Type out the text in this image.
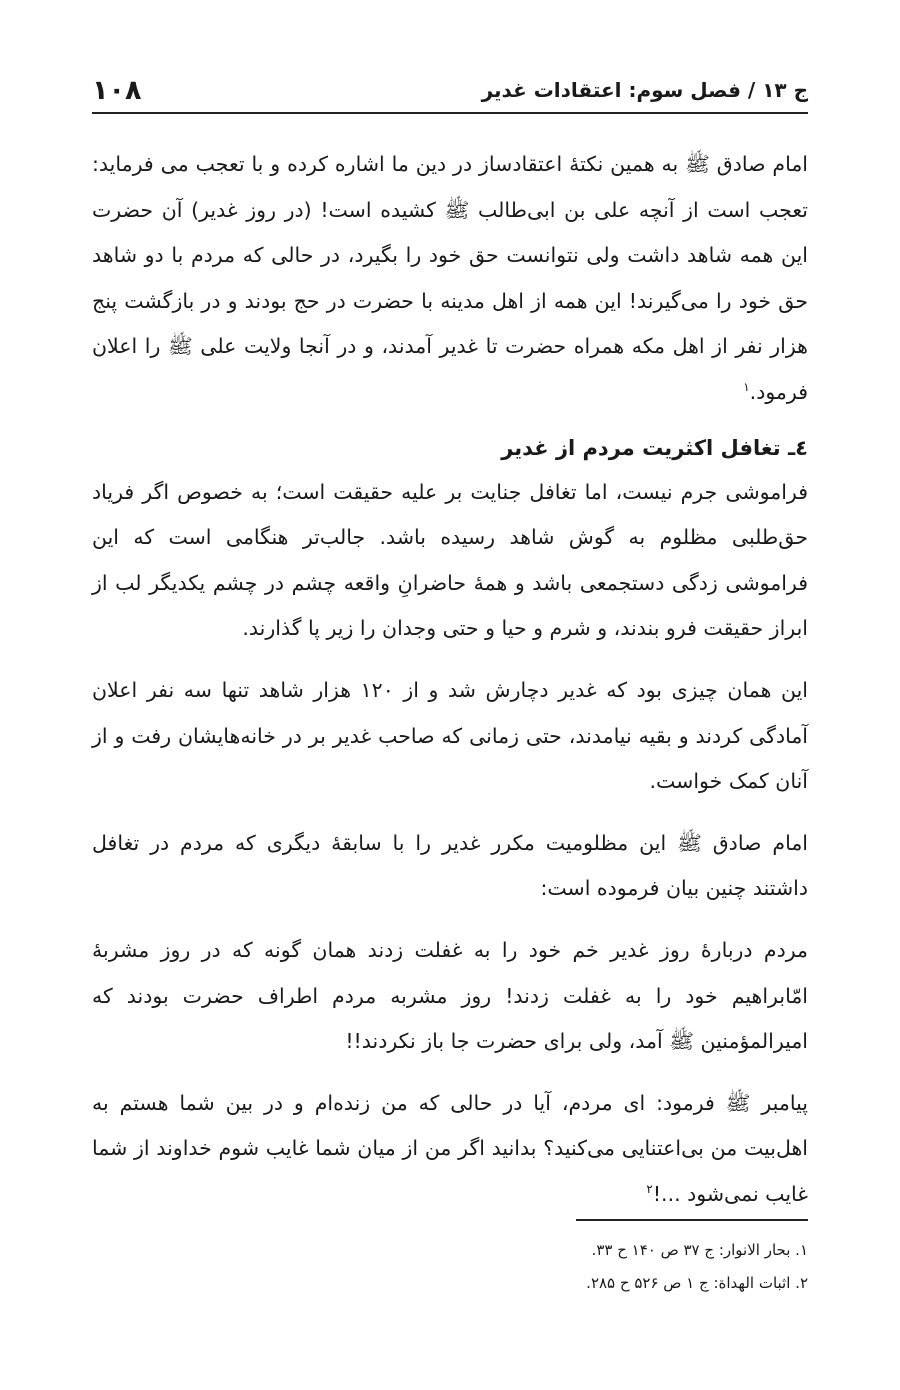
ج ۱۳ / فصل سوم: اعتقادات غدیر
۱۰۸

امام صادق ﷺ به همین نکتهٔ اعتقادساز در دین ما اشاره کرده و با تعجب می فرماید: تعجب است از آنچه علی بن ابی‌طالب ﷺ کشیده است! (در روز غدیر) آن حضرت این همه شاهد داشت ولی نتوانست حق خود را بگیرد، در حالی که مردم با دو شاهد حق خود را می‌گیرند! این همه از اهل مدینه با حضرت در حج بودند و در بازگشت پنج هزار نفر از اهل مکه همراه حضرت تا غدیر آمدند، و در آنجا ولایت علی ﷺ را اعلان فرمود.$^۱$

٤ـ تغافل اکثریت مردم از غدیر

فراموشی جرم نیست، اما تغافل جنایت بر علیه حقیقت است؛ به خصوص اگر فریاد حق‌طلبی مظلوم به گوش شاهد رسیده باشد. جالب‌تر هنگامی است که این فراموشی زدگی دستجمعی باشد و همهٔ حاضرانِ واقعه چشم در چشم یکدیگر لب از ابراز حقیقت فرو بندند، و شرم و حیا و حتی وجدان را زیر پا گذارند.

این همان چیزی بود که غدیر دچارش شد و از ۱۲۰ هزار شاهد تنها سه نفر اعلان آمادگی کردند و بقیه نیامدند، حتی زمانی که صاحب غدیر بر در خانه‌هایشان رفت و از آنان کمک خواست.

امام صادق ﷺ این مظلومیت مکرر غدیر را با سابقهٔ دیگری که مردم در تغافل داشتند چنین بیان فرموده است:

مردم دربارهٔ روز غدیر خم خود را به غفلت زدند همان گونه که در روز مشربهٔ امّابراهیم خود را به غفلت زدند! روز مشربه مردم اطراف حضرت بودند که امیرالمؤمنین ﷺ آمد، ولی برای حضرت جا باز نکردند!!

پیامبر ﷺ فرمود: ای مردم، آیا در حالی که من زنده‌ام و در بین شما هستم به اهل‌بیت من بی‌اعتنایی می‌کنید؟ بدانید اگر من از میان شما غایب شوم خداوند از شما غایب نمی‌شود ...!$^۲$

۱. بحار الانوار: ج ۳۷ ص ۱۴۰ ح ۳۳.

۲. اثبات الهداة: ج ۱ ص ۵۲۶ ح ۲۸۵.
